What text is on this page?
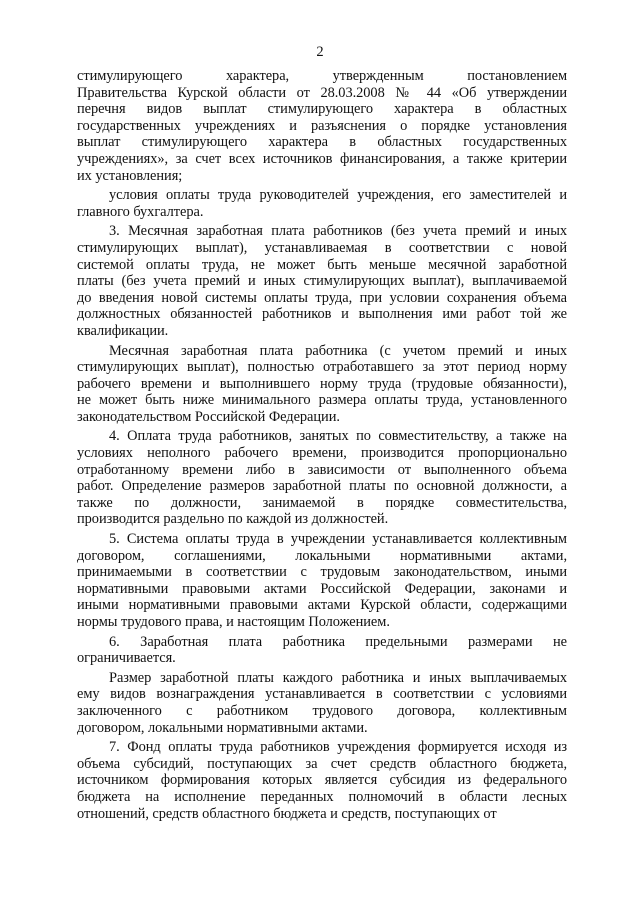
2
стимулирующего характера, утвержденным постановлением
Правительства Курской области от 28.03.2008 № 44 «Об утверждении
перечня видов выплат стимулирующего характера в областных
государственных учреждениях и разъяснения о порядке установления
выплат стимулирующего характера в областных государственных
учреждениях», за счет всех источников финансирования, а также критерии
их установления;
условия оплаты труда руководителей учреждения, его заместителей и
главного бухгалтера.
3. Месячная заработная плата работников (без учета премий и иных
стимулирующих выплат), устанавливаемая в соответствии с новой
системой оплаты труда, не может быть меньше месячной заработной
платы (без учета премий и иных стимулирующих выплат), выплачиваемой
до введения новой системы оплаты труда, при условии сохранения объема
должностных обязанностей работников и выполнения ими работ той же
квалификации.
Месячная заработная плата работника (с учетом премий и иных
стимулирующих выплат), полностью отработавшего за этот период норму
рабочего времени и выполнившего норму труда (трудовые обязанности),
не может быть ниже минимального размера оплаты труда, установленного
законодательством Российской Федерации.
4. Оплата труда работников, занятых по совместительству, а также на
условиях неполного рабочего времени, производится пропорционально
отработанному времени либо в зависимости от выполненного объема
работ. Определение размеров заработной платы по основной должности, а
также по должности, занимаемой в порядке совместительства,
производится раздельно по каждой из должностей.
5. Система оплаты труда в учреждении устанавливается коллективным
договором, соглашениями, локальными нормативными актами,
принимаемыми в соответствии с трудовым законодательством, иными
нормативными правовыми актами Российской Федерации, законами и
иными нормативными правовыми актами Курской области, содержащими
нормы трудового права, и настоящим Положением.
6. Заработная плата работника предельными размерами не
ограничивается.
Размер заработной платы каждого работника и иных выплачиваемых
ему видов вознаграждения устанавливается в соответствии с условиями
заключенного с работником трудового договора, коллективным
договором, локальными нормативными актами.
7. Фонд оплаты труда работников учреждения формируется исходя из
объема субсидий, поступающих за счет средств областного бюджета,
источником формирования которых является субсидия из федерального
бюджета на исполнение переданных полномочий в области лесных
отношений, средств областного бюджета и средств, поступающих от
